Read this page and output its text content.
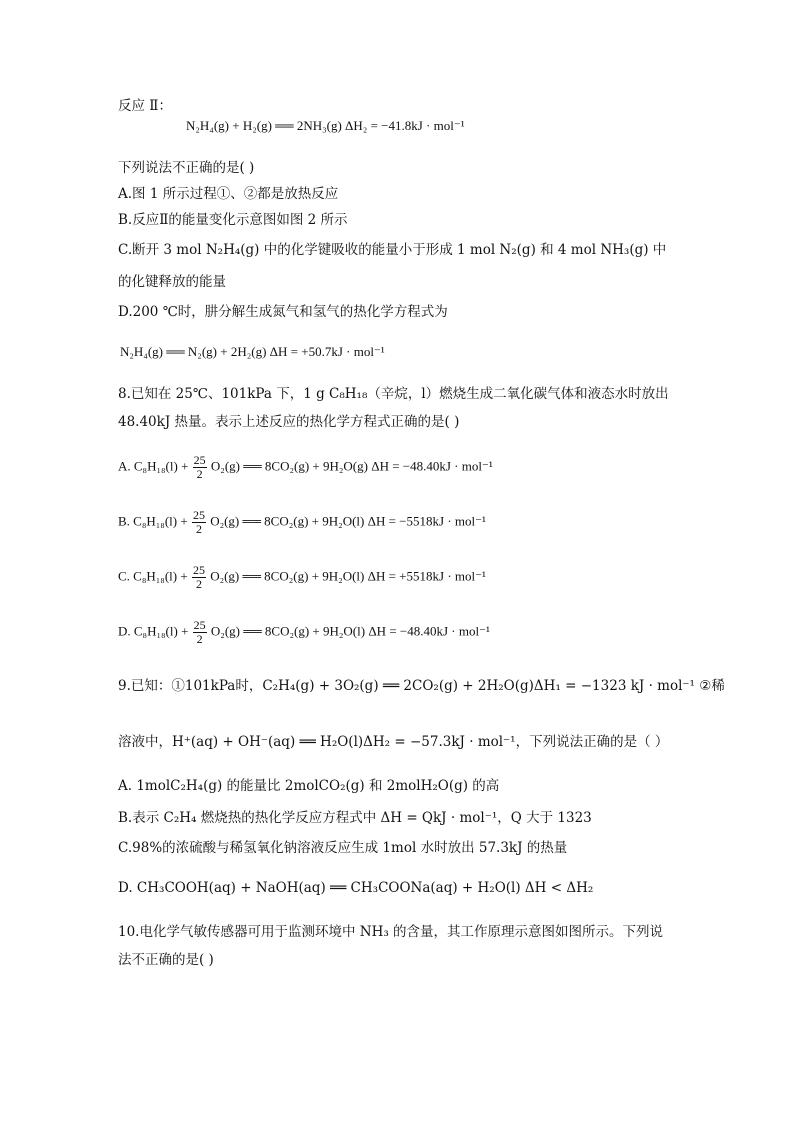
反应 Ⅱ：
N₂H₄(g) + H₂(g) ══ 2NH₃(g) ΔH₂ = −41.8kJ · mol⁻¹
下列说法不正确的是( )
A.图 1 所示过程①、②都是放热反应
B.反应Ⅱ的能量变化示意图如图 2 所示
C.断开 3 mol N₂H₄(g) 中的化学键吸收的能量小于形成 1 mol N₂(g) 和 4 mol NH₃(g) 中
的化键释放的能量
D.200 ℃时，肼分解生成氮气和氢气的热化学方程式为
N₂H₄(g) ══ N₂(g) + 2H₂(g) ΔH = +50.7kJ · mol⁻¹
8.已知在 25℃、101kPa 下，1 g C₈H₁₈（辛烷，l）燃烧生成二氧化碳气体和液态水时放出
48.40kJ 热量。表示上述反应的热化学方程式正确的是( )
A. $C_8H_{18}(l) + \frac{25}{2} O_2(g)$ ══ 8CO₂(g) + 9H₂O(g) ΔH = −48.40kJ · mol⁻¹
B. $C_8H_{18}(l) + \frac{25}{2} O_2(g)$ ══ 8CO₂(g) + 9H₂O(l) ΔH = −5518kJ · mol⁻¹
C. $C_8H_{18}(l) + \frac{25}{2} O_2(g)$ ══ 8CO₂(g) + 9H₂O(l) ΔH = +5518kJ · mol⁻¹
D. $C_8H_{18}(l) + \frac{25}{2} O_2(g)$ ══ 8CO₂(g) + 9H₂O(l) ΔH = −48.40kJ · mol⁻¹
9.已知：①101kPa时，C₂H₄(g) + 3O₂(g) ══ 2CO₂(g) + 2H₂O(g)ΔH₁ = −1323 kJ · mol⁻¹ ②稀
溶液中，H⁺(aq) + OH⁻(aq) ══ H₂O(l)ΔH₂ = −57.3kJ · mol⁻¹，下列说法正确的是（ ）
A. 1molC₂H₄(g) 的能量比 2molCO₂(g) 和 2molH₂O(g) 的高
B.表示 C₂H₄ 燃烧热的热化学反应方程式中 ΔH = QkJ · mol⁻¹，Q 大于 1323
C.98%的浓硫酸与稀氢氧化钠溶液反应生成 1mol 水时放出 57.3kJ 的热量
D. CH₃COOH(aq) + NaOH(aq) ══ CH₃COONa(aq) + H₂O(l) ΔH < ΔH₂
10.电化学气敏传感器可用于监测环境中 NH₃ 的含量，其工作原理示意图如图所示。下列说
法不正确的是( )
